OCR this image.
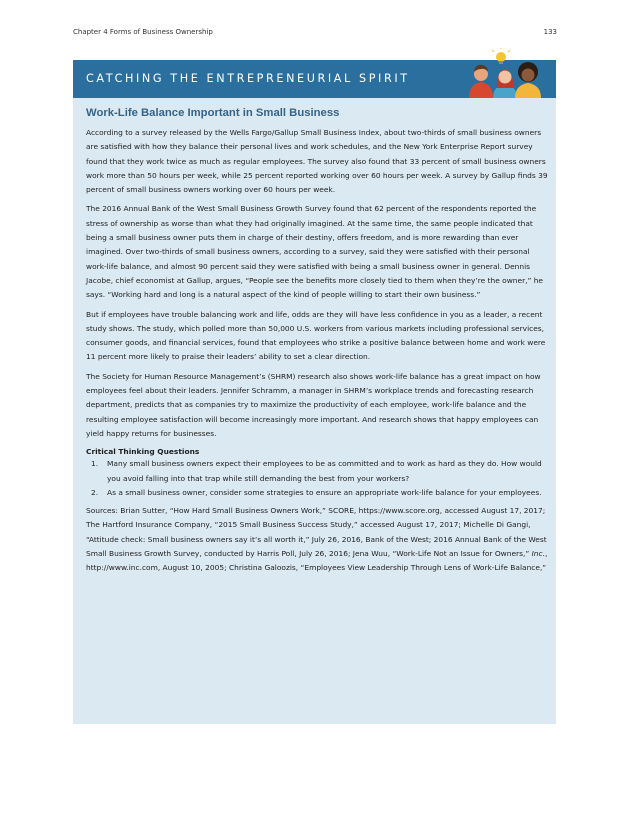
Chapter 4 Forms of Business Ownership	133
CATCHING THE ENTREPRENEURIAL SPIRIT
Work-Life Balance Important in Small Business

According to a survey released by the Wells Fargo/Gallup Small Business Index, about two-thirds of small business owners are satisfied with how they balance their personal lives and work schedules, and the New York Enterprise Report survey found that they work twice as much as regular employees. The survey also found that 33 percent of small business owners work more than 50 hours per week, while 25 percent reported working over 60 hours per week. A survey by Gallup finds 39 percent of small business owners working over 60 hours per week.

The 2016 Annual Bank of the West Small Business Growth Survey found that 62 percent of the respondents reported the stress of ownership as worse than what they had originally imagined. At the same time, the same people indicated that being a small business owner puts them in charge of their destiny, offers freedom, and is more rewarding than ever imagined. Over two-thirds of small business owners, according to a survey, said they were satisfied with their personal work-life balance, and almost 90 percent said they were satisfied with being a small business owner in general. Dennis Jacobe, chief economist at Gallup, argues, “People see the benefits more closely tied to them when they’re the owner,” he says. “Working hard and long is a natural aspect of the kind of people willing to start their own business.”

But if employees have trouble balancing work and life, odds are they will have less confidence in you as a leader, a recent study shows. The study, which polled more than 50,000 U.S. workers from various markets including professional services, consumer goods, and financial services, found that employees who strike a positive balance between home and work were 11 percent more likely to praise their leaders’ ability to set a clear direction.

The Society for Human Resource Management’s (SHRM) research also shows work-life balance has a great impact on how employees feel about their leaders. Jennifer Schramm, a manager in SHRM’s workplace trends and forecasting research department, predicts that as companies try to maximize the productivity of each employee, work-life balance and the resulting employee satisfaction will become increasingly more important. And research shows that happy employees can yield happy returns for businesses.

Critical Thinking Questions
1. Many small business owners expect their employees to be as committed and to work as hard as they do. How would you avoid falling into that trap while still demanding the best from your workers?
2. As a small business owner, consider some strategies to ensure an appropriate work-life balance for your employees.

Sources: Brian Sutter, “How Hard Small Business Owners Work,” SCORE, https://www.score.org, accessed August 17, 2017; The Hartford Insurance Company, “2015 Small Business Success Study,” accessed August 17, 2017; Michelle Di Gangi, “Attitude check: Small business owners say it’s all worth it,” July 26, 2016, Bank of the West; 2016 Annual Bank of the West Small Business Growth Survey, conducted by Harris Poll, July 26, 2016; Jena Wuu, “Work-Life Not an Issue for Owners,” Inc., http://www.inc.com, August 10, 2005; Christina Galoozis, “Employees View Leadership Through Lens of Work-Life Balance,”
